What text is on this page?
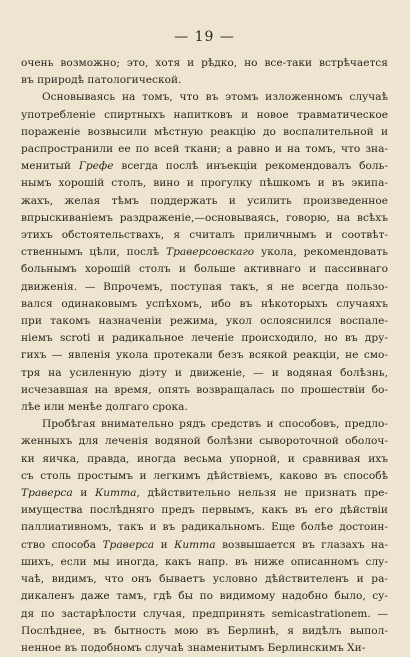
— 19 —
очень возможно; это, хотя и рѣдко, но все-таки встрѣчается
въ природѣ патологической.
Основываясь на томъ, что въ этомъ изложенномъ случаѣ
употребленіе спиртныхъ напитковъ и новое травматическое
пораженіе возвысили мѣстную реакцію до воспалительной и
распространили ее по всей ткани; а равно и на томъ, что зна-
менитый Грефе всегда послѣ инъекціи рекомендовалъ боль-
нымъ хорошій столъ, вино и прогулку пѣшкомъ и въ экипа-
жахъ, желая тѣмъ поддержать и усилить произведенное
впрыскиваніемъ раздраженіе,—основываясь, говорю, на всѣхъ
этихъ обстоятельствахъ, я считалъ приличнымъ и соотвѣт-
ственнымъ цѣли, послѣ Траверсовскаго укола, рекомендовать
больнымъ хорошій столъ и больше активнаго и пассивнаго
движенія. — Впрочемъ, поступая такъ, я не всегда пользо-
вался одинаковымъ успѣхомъ, ибо въ нѣкоторыхъ случаяхъ
при такомъ назначеніи режима, укол ослояснился воспале-
ніемъ scroti и радикальное леченіе происходило, но въ дру-
гихъ — явленія укола протекали безъ всякой реакціи, не смо-
тря на усиленную діэту и движеніе, — и водяная болѣзнь,
исчезавшая на время, опять возвращалась по прошествіи бо-
лѣе или менѣе долгаго срока.
Пробѣгая внимательно рядъ средствъ и способовъ, предло-
женныхъ для леченія водяной болѣзни сывороточной оболоч-
ки яичка, правда, иногда весьма упорной, и сравнивая ихъ
съ столь простымъ и легкимъ дѣйствіемъ, каково въ способѣ
Траверса и Китта, дѣйствительно нельзя не признать пре-
имущества послѣдняго предъ первымъ, какъ въ его дѣйствіи
паллиативномъ, такъ и въ радикальномъ. Еще болѣе достоин-
ство способа Траверса и Китта возвышается въ глазахъ на-
шихъ, если мы иногда, какъ напр. въ ниже описанномъ слу-
чаѣ, видимъ, что онъ бываетъ условно дѣйствителенъ и ра-
дикаленъ даже тамъ, гдѣ бы по видимому надобно было, су-
дя по застарѣлости случая, предпринять semicastrationem. —
Послѣднее, въ бытность мою въ Берлинѣ, я видѣлъ выпол-
ненное въ подобномъ случаѣ знаменитымъ Берлинскимъ Хи-
